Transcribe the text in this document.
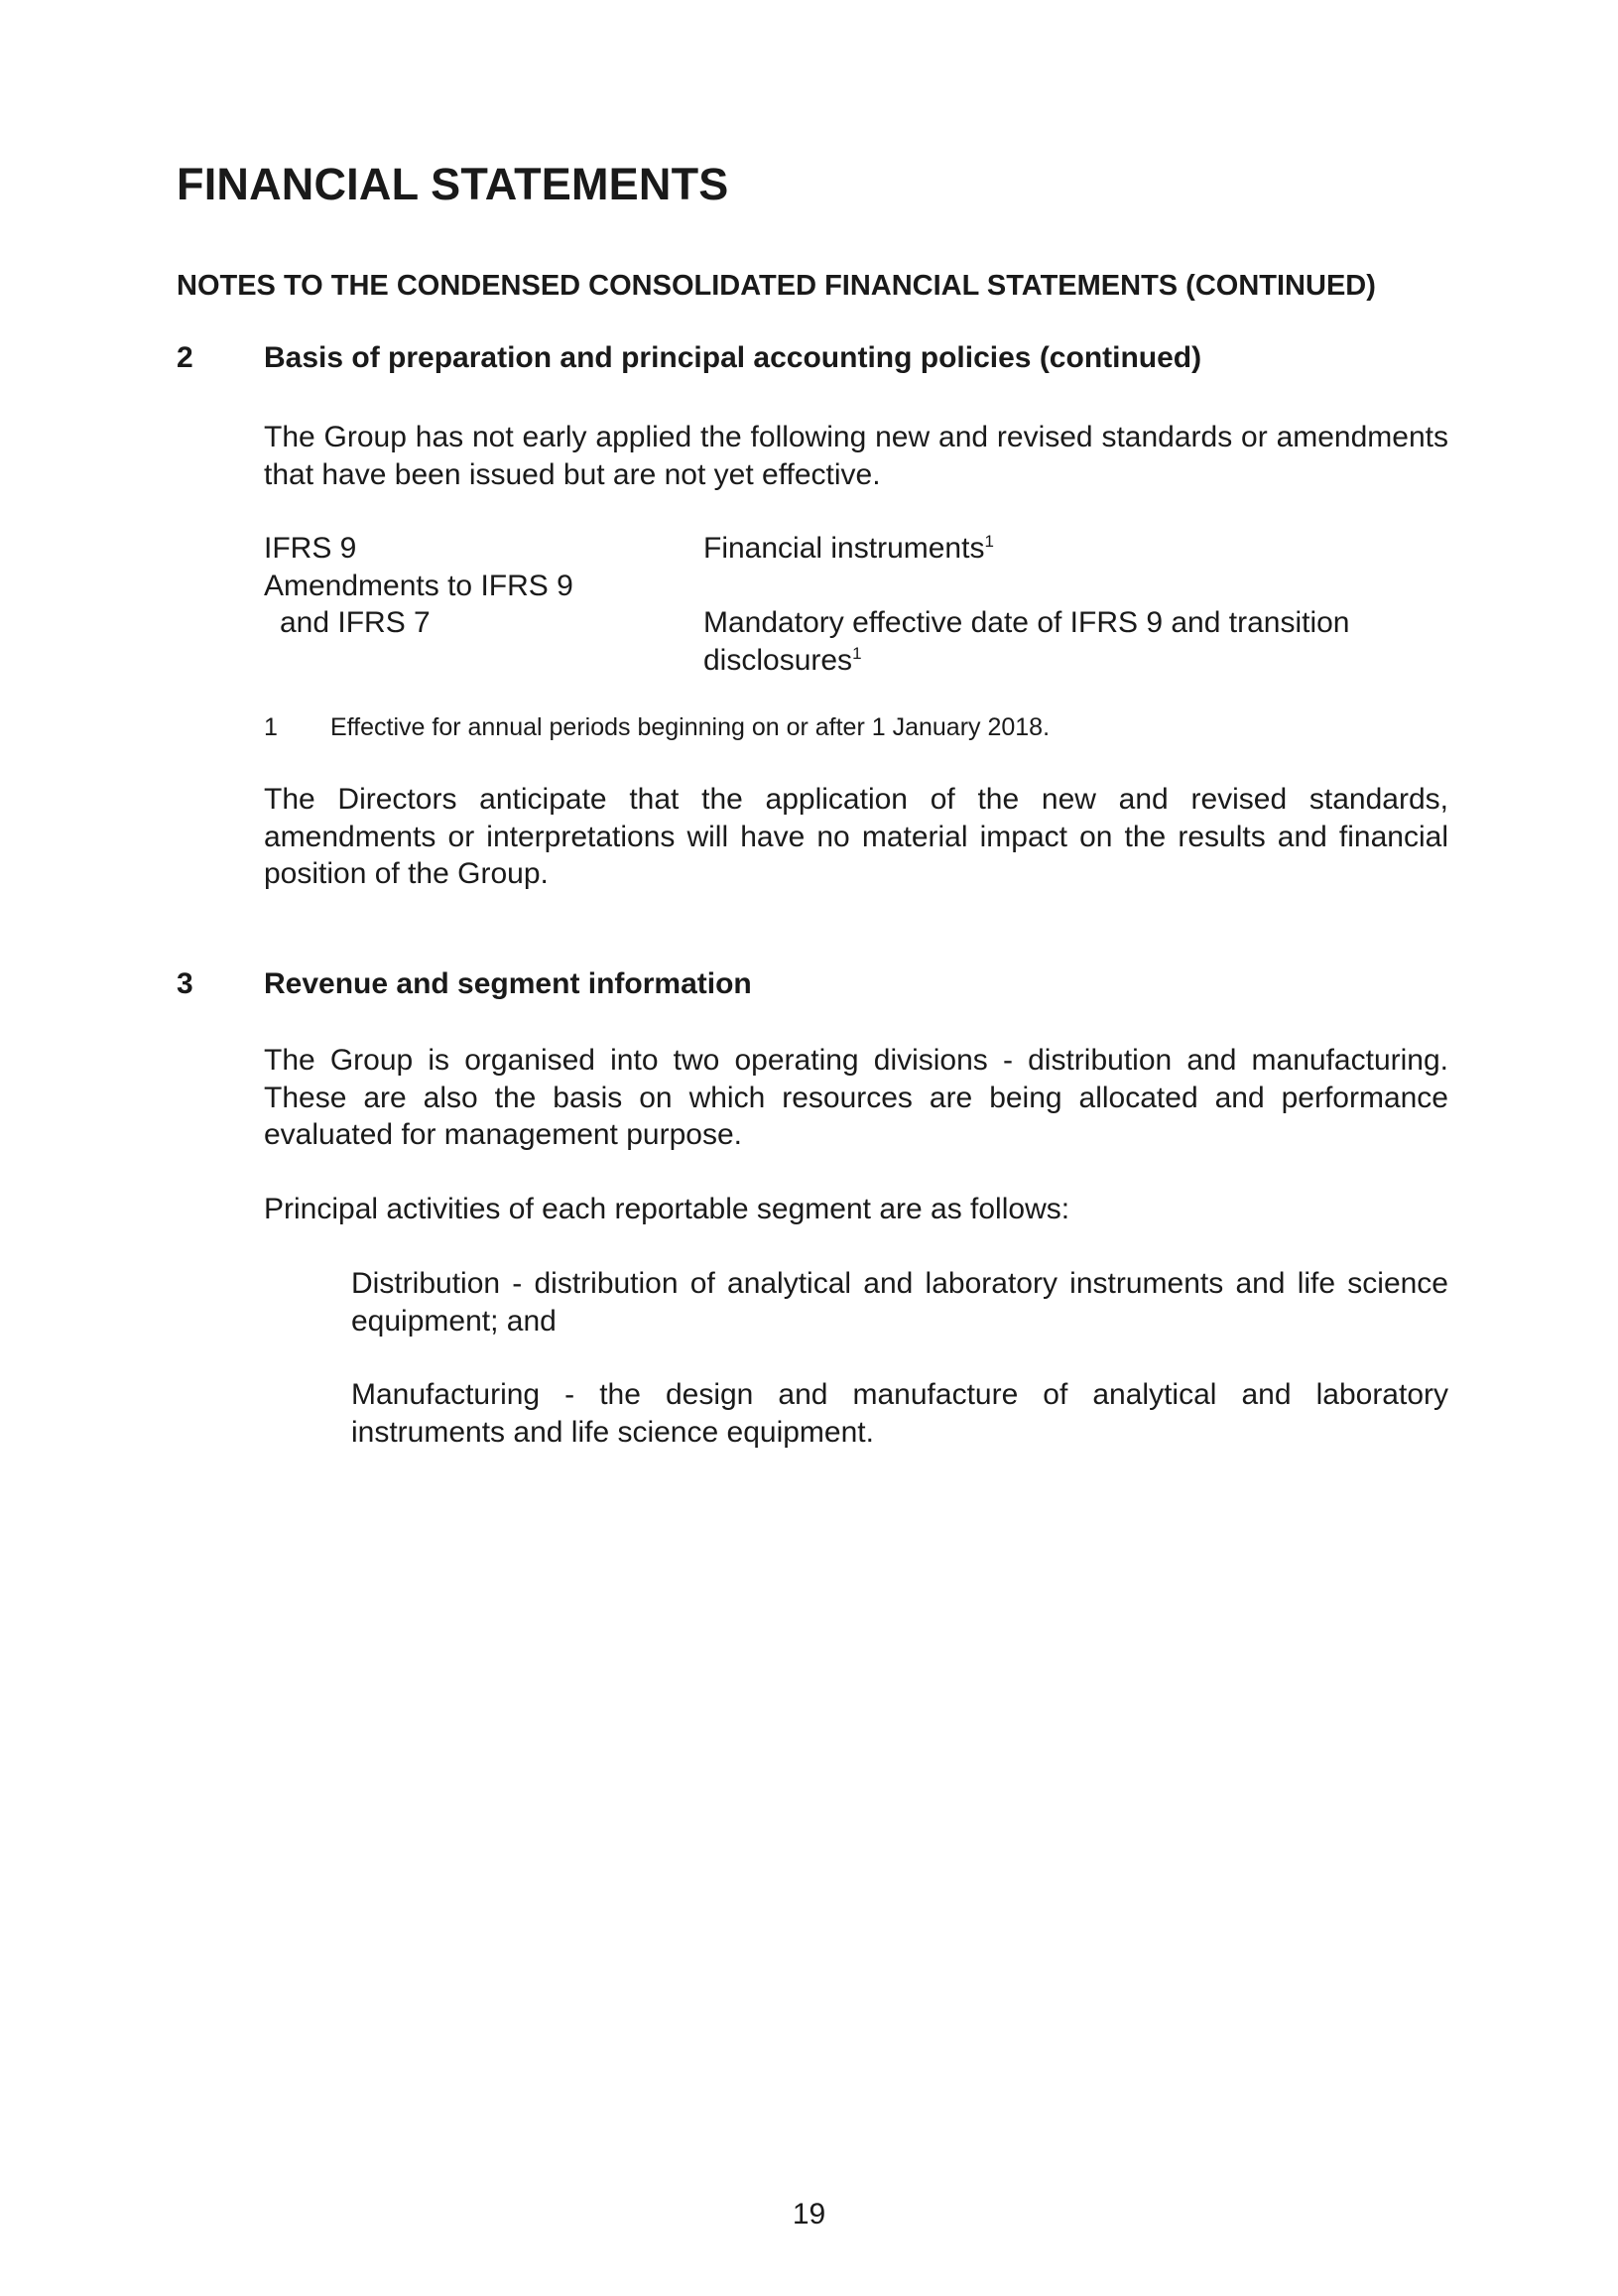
FINANCIAL STATEMENTS
NOTES TO THE CONDENSED CONSOLIDATED FINANCIAL STATEMENTS (CONTINUED)
2 Basis of preparation and principal accounting policies (continued)
The Group has not early applied the following new and revised standards or amendments that have been issued but are not yet effective.
IFRS 9	Financial instruments$^1$
Amendments to IFRS 9
and IFRS 7	Mandatory effective date of IFRS 9 and transition
disclosures$^1$
1 Effective for annual periods beginning on or after 1 January 2018.
The Directors anticipate that the application of the new and revised standards, amendments or interpretations will have no material impact on the results and financial position of the Group.
3 Revenue and segment information
The Group is organised into two operating divisions - distribution and manufacturing. These are also the basis on which resources are being allocated and performance evaluated for management purpose.
Principal activities of each reportable segment are as follows:
Distribution - distribution of analytical and laboratory instruments and life science equipment; and
Manufacturing - the design and manufacture of analytical and laboratory instruments and life science equipment.
19
